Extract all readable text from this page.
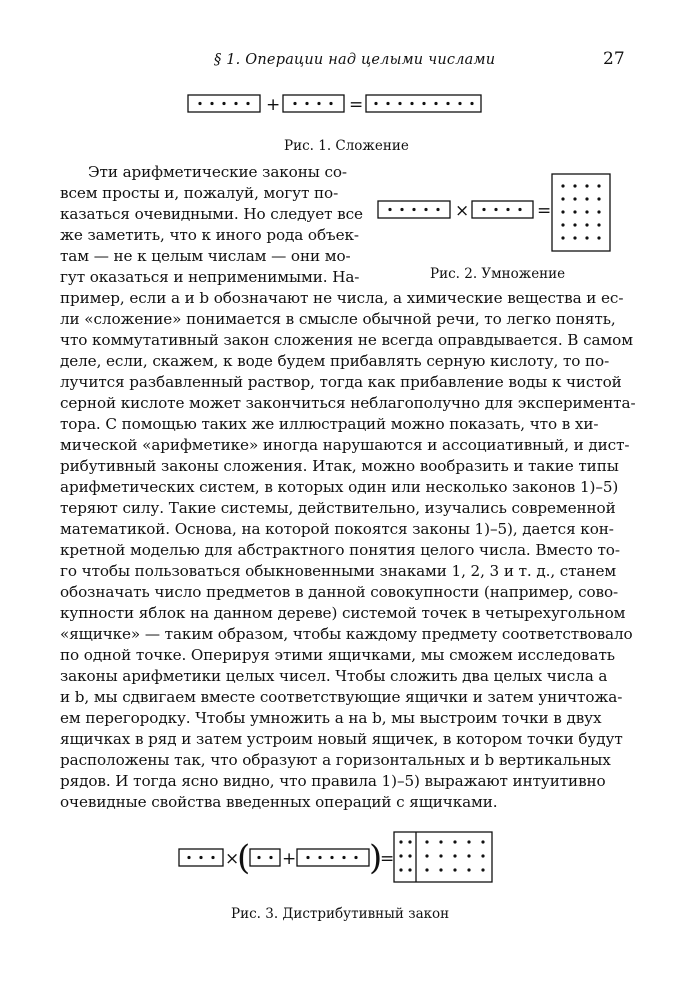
§ 1. Операции над целыми числами	27
+	=
Рис. 1. Сложение
×	=
Рис. 2. Умножение
Эти арифметические законы со-
всем просты и, пожалуй, могут по-
казаться очевидными. Но следует все
же заметить, что к иного рода объек-
там — не к целым числам — они мо-
гут оказаться и неприменимыми. На-
пример, если a и b обозначают не числа, а химические вещества и ес-
ли «сложение» понимается в смысле обычной речи, то легко понять,
что коммутативный закон сложения не всегда оправдывается. В самом
деле, если, скажем, к воде будем прибавлять серную кислоту, то по-
лучится разбавленный раствор, тогда как прибавление воды к чистой
серной кислоте может закончиться неблагополучно для эксперимента-
тора. С помощью таких же иллюстраций можно показать, что в хи-
мической «арифметике» иногда нарушаются и ассоциативный, и дист-
рибутивный законы сложения. Итак, можно вообразить и такие типы
арифметических систем, в которых один или несколько законов 1)–5)
теряют силу. Такие системы, действительно, изучались современной
математикой. Основа, на которой покоятся законы 1)–5), дается кон-
кретной моделью для абстрактного понятия целого числа. Вместо то-
го чтобы пользоваться обыкновенными знаками 1, 2, 3 и т. д., станем
обозначать число предметов в данной совокупности (например, сово-
купности яблок на данном дереве) системой точек в четырехугольном
«ящичке» — таким образом, чтобы каждому предмету соответствовало
по одной точке. Оперируя этими ящичками, мы сможем исследовать
законы арифметики целых чисел. Чтобы сложить два целых числа a
и b, мы сдвигаем вместе соответствующие ящички и затем уничтожа-
ем перегородку. Чтобы умножить a на b, мы выстроим точки в двух
ящичках в ряд и затем устроим новый ящичек, в котором точки будут
расположены так, что образуют a горизонтальных и b вертикальных
рядов. И тогда ясно видно, что правила 1)–5) выражают интуитивно
очевидные свойства введенных операций с ящичками.
×
( + )
=
Рис. 3. Дистрибутивный закон
